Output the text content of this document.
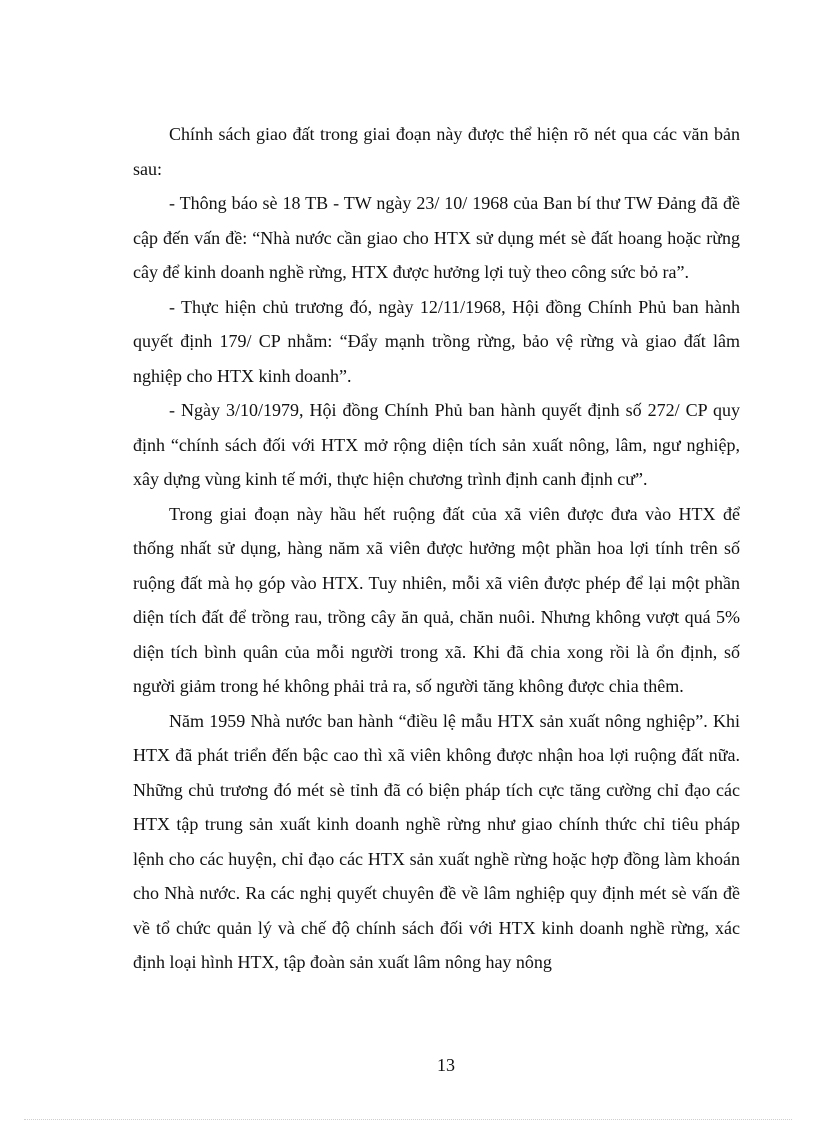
Chính sách giao đất trong giai đoạn này được thể hiện rõ nét qua các văn bản sau:

- Thông báo sè 18 TB - TW ngày 23/ 10/ 1968 của Ban bí thư TW Đảng đã đề cập đến vấn đề: “Nhà nước cần giao cho HTX sử dụng mét sè đất hoang hoặc rừng cây để kinh doanh nghề rừng, HTX được hưởng lợi tuỳ theo công sức bỏ ra”.

- Thực hiện chủ trương đó, ngày 12/11/1968, Hội đồng Chính Phủ ban hành quyết định 179/ CP nhằm: “Đẩy mạnh trồng rừng, bảo vệ rừng và giao đất lâm nghiệp cho HTX kinh doanh”.

- Ngày 3/10/1979, Hội đồng Chính Phủ ban hành quyết định số 272/ CP quy định “chính sách đối với HTX mở rộng diện tích sản xuất nông, lâm, ngư nghiệp, xây dựng vùng kinh tế mới, thực hiện chương trình định canh định cư”.

Trong giai đoạn này hầu hết ruộng đất của xã viên được đưa vào HTX để thống nhất sử dụng, hàng năm xã viên được hưởng một phần hoa lợi tính trên số ruộng đất mà họ góp vào HTX. Tuy nhiên, mỗi xã viên được phép để lại một phần diện tích đất để trồng rau, trồng cây ăn quả, chăn nuôi. Nhưng không vượt quá 5% diện tích bình quân của mỗi người trong xã. Khi đã chia xong rồi là ổn định, số người giảm trong hé không phải trả ra, số người tăng không được chia thêm.

Năm 1959 Nhà nước ban hành “điều lệ mẫu HTX sản xuất nông nghiệp”. Khi HTX đã phát triển đến bậc cao thì xã viên không được nhận hoa lợi ruộng đất nữa. Những chủ trương đó mét sè tỉnh đã có biện pháp tích cực tăng cường chỉ đạo các HTX tập trung sản xuất kinh doanh nghề rừng như giao chính thức chỉ tiêu pháp lệnh cho các huyện, chỉ đạo các HTX sản xuất nghề rừng hoặc hợp đồng làm khoán cho Nhà nước. Ra các nghị quyết chuyên đề về lâm nghiệp quy định mét sè vấn đề về tổ chức quản lý và chế độ chính sách đối với HTX kinh doanh nghề rừng, xác định loại hình HTX, tập đoàn sản xuất lâm nông hay nông

13
